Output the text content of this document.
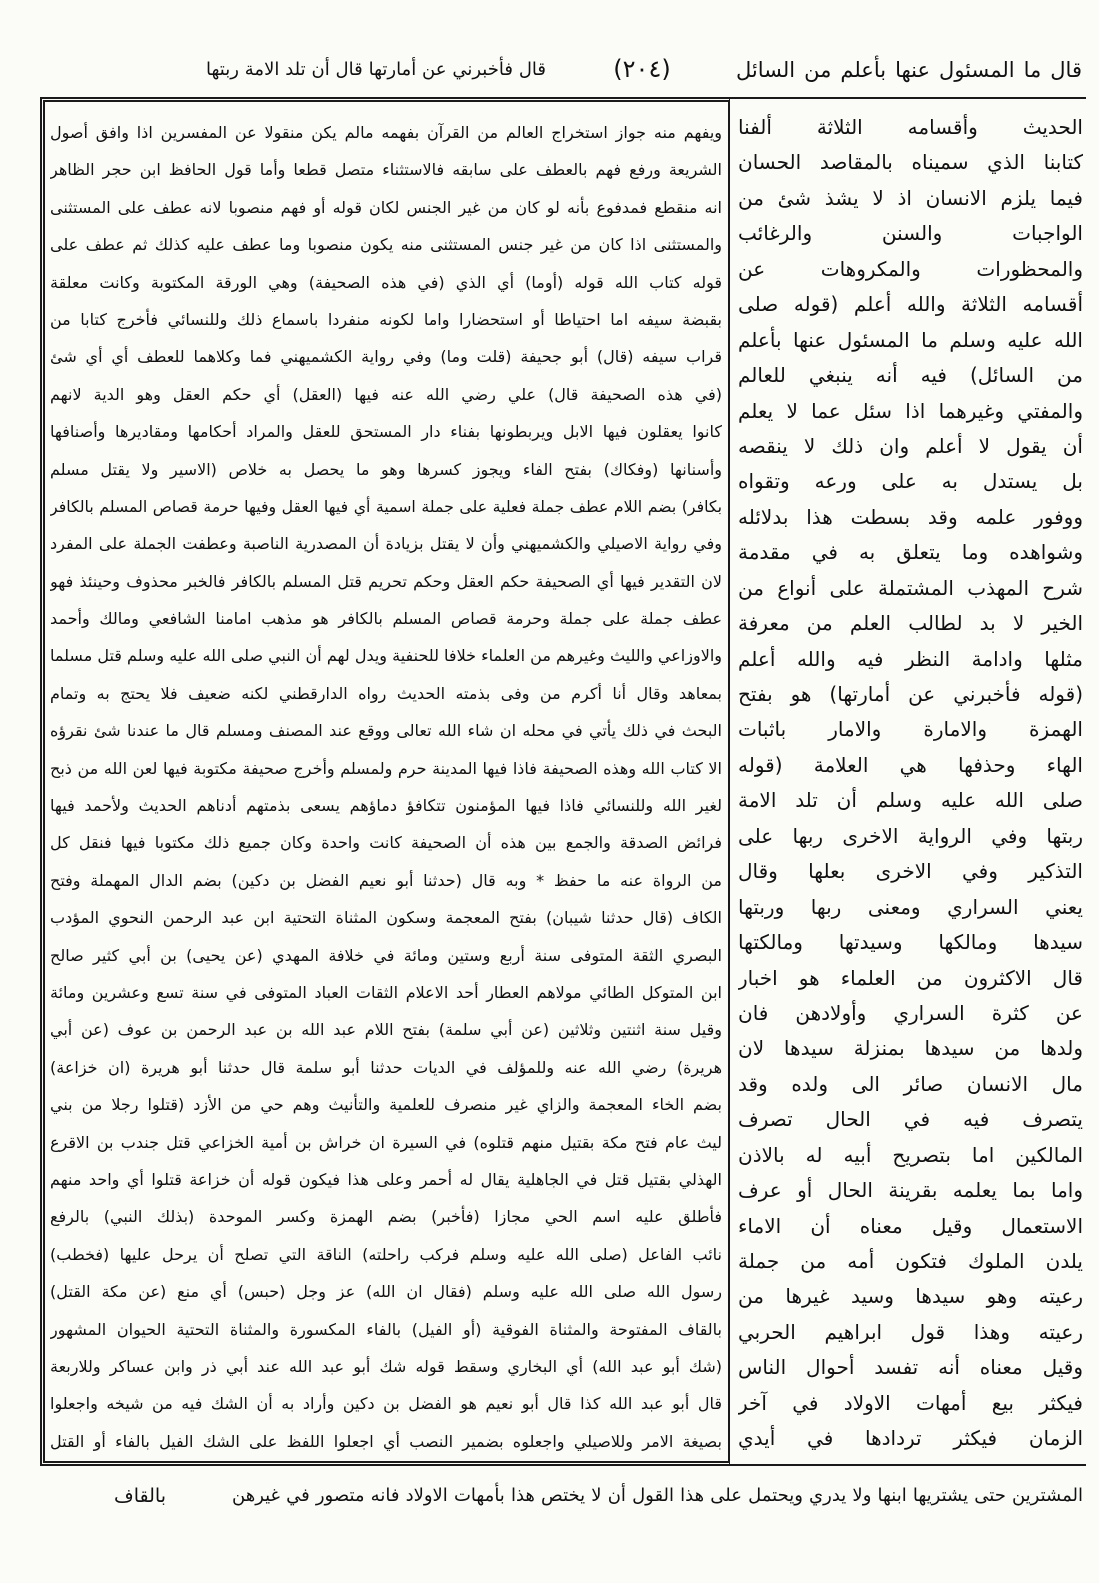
قال ما المسئول عنها بأعلم من السائل
(٢٠٤)
قال فأخبرني عن أمارتها قال أن تلد الامة ربتها
ويفهم منه جواز استخراج العالم من القرآن بفهمه مالم يكن منقولا عن المفسرين اذا وافق أصول
الشريعة ورفع فهم بالعطف على سابقه فالاستثناء متصل قطعا وأما قول الحافظ ابن حجر الظاهر
انه منقطع فمدفوع بأنه لو كان من غير الجنس لكان قوله أو فهم منصوبا لانه عطف على المستثنى
والمستثنى اذا كان من غير جنس المستثنى منه يكون منصوبا وما عطف عليه كذلك ثم عطف على
قوله كتاب الله قوله (أوما) أي الذي (في هذه الصحيفة) وهي الورقة المكتوبة وكانت معلقة
بقبضة سيفه اما احتياطا أو استحضارا واما لكونه منفردا باسماع ذلك وللنسائي فأخرج كتابا من
قراب سيفه (قال) أبو جحيفة (قلت وما) وفي رواية الكشميهني فما وكلاهما للعطف أي أي شئ
(في هذه الصحيفة قال) علي رضي الله عنه فيها (العقل) أي حكم العقل وهو الدية لانهم
كانوا يعقلون فيها الابل ويربطونها بفناء دار المستحق للعقل والمراد أحكامها ومقاديرها وأصنافها
وأسنانها (وفكاك) بفتح الفاء ويجوز كسرها وهو ما يحصل به خلاص (الاسير ولا يقتل مسلم
بكافر) بضم اللام عطف جملة فعلية على جملة اسمية أي فيها العقل وفيها حرمة قصاص المسلم بالكافر
وفي رواية الاصيلي والكشميهني وأن لا يقتل بزيادة أن المصدرية الناصبة وعطفت الجملة على المفرد
لان التقدير فيها أي الصحيفة حكم العقل وحكم تحريم قتل المسلم بالكافر فالخبر محذوف وحينئذ فهو
عطف جملة على جملة وحرمة قصاص المسلم بالكافر هو مذهب امامنا الشافعي ومالك وأحمد
والاوزاعي والليث وغيرهم من العلماء خلافا للحنفية ويدل لهم أن النبي صلى الله عليه وسلم قتل مسلما
بمعاهد وقال أنا أكرم من وفى بذمته الحديث رواه الدارقطني لكنه ضعيف فلا يحتج به وتمام
البحث في ذلك يأتي في محله ان شاء الله تعالى ووقع عند المصنف ومسلم قال ما عندنا شئ نقرؤه
الا كتاب الله وهذه الصحيفة فاذا فيها المدينة حرم ولمسلم وأخرج صحيفة مكتوبة فيها لعن الله من ذبح
لغير الله وللنسائي فاذا فيها المؤمنون تتكافؤ دماؤهم يسعى بذمتهم أدناهم الحديث ولأحمد فيها
فرائض الصدقة والجمع بين هذه أن الصحيفة كانت واحدة وكان جميع ذلك مكتوبا فيها فنقل كل
من الرواة عنه ما حفظ * وبه قال (حدثنا أبو نعيم الفضل بن دكين) بضم الدال المهملة وفتح
الكاف (قال حدثنا شيبان) بفتح المعجمة وسكون المثناة التحتية ابن عبد الرحمن النحوي المؤدب
البصري الثقة المتوفى سنة أربع وستين ومائة في خلافة المهدي (عن يحيى) بن أبي كثير صالح
ابن المتوكل الطائي مولاهم العطار أحد الاعلام الثقات العباد المتوفى في سنة تسع وعشرين ومائة
وقيل سنة اثنتين وثلاثين (عن أبي سلمة) بفتح اللام عبد الله بن عبد الرحمن بن عوف (عن أبي
هريرة) رضي الله عنه وللمؤلف في الديات حدثنا أبو سلمة قال حدثنا أبو هريرة (ان خزاعة)
بضم الخاء المعجمة والزاي غير منصرف للعلمية والتأنيث وهم حي من الأزد (قتلوا رجلا من بني
ليث عام فتح مكة بقتيل منهم قتلوه) في السيرة ان خراش بن أمية الخزاعي قتل جندب بن الاقرع
الهذلي بقتيل قتل في الجاهلية يقال له أحمر وعلى هذا فيكون قوله أن خزاعة قتلوا أي واحد منهم
فأطلق عليه اسم الحي مجازا (فأخبر) بضم الهمزة وكسر الموحدة (بذلك النبي) بالرفع
نائب الفاعل (صلى الله عليه وسلم فركب راحلته) الناقة التي تصلح أن يرحل عليها (فخطب)
رسول الله صلى الله عليه وسلم (فقال ان الله) عز وجل (حبس) أي منع (عن مكة القتل)
بالقاف المفتوحة والمثناة الفوقية (أو الفيل) بالفاء المكسورة والمثناة التحتية الحيوان المشهور
(شك أبو عبد الله) أي البخاري وسقط قوله شك أبو عبد الله عند أبي ذر وابن عساكر وللاربعة
قال أبو عبد الله كذا قال أبو نعيم هو الفضل بن دكين وأراد به أن الشك فيه من شيخه واجعلوا
بصيغة الامر وللاصيلي واجعلوه بضمير النصب أي اجعلوا اللفظ على الشك الفيل بالفاء أو القتل
الحديث وأقسامه الثلاثة ألفنا
كتابنا الذي سميناه بالمقاصد الحسان
فيما يلزم الانسان اذ لا يشذ شئ من
الواجبات والسنن والرغائب
والمحظورات والمكروهات عن
أقسامه الثلاثة والله أعلم (قوله صلى
الله عليه وسلم ما المسئول عنها بأعلم
من السائل) فيه أنه ينبغي للعالم
والمفتي وغيرهما اذا سئل عما لا يعلم
أن يقول لا أعلم وان ذلك لا ينقصه
بل يستدل به على ورعه وتقواه
ووفور علمه وقد بسطت هذا بدلائله
وشواهده وما يتعلق به في مقدمة
شرح المهذب المشتملة على أنواع من
الخير لا بد لطالب العلم من معرفة
مثلها وادامة النظر فيه والله أعلم
(قوله فأخبرني عن أمارتها) هو بفتح
الهمزة والامارة والامار باثبات
الهاء وحذفها هي العلامة (قوله
صلى الله عليه وسلم أن تلد الامة
ربتها وفي الرواية الاخرى ربها على
التذكير وفي الاخرى بعلها وقال
يعني السراري ومعنى ربها وربتها
سيدها ومالكها وسيدتها ومالكتها
قال الاكثرون من العلماء هو اخبار
عن كثرة السراري وأولادهن فان
ولدها من سيدها بمنزلة سيدها لان
مال الانسان صائر الى ولده وقد
يتصرف فيه في الحال تصرف
المالكين اما بتصريح أبيه له بالاذن
واما بما يعلمه بقرينة الحال أو عرف
الاستعمال وقيل معناه أن الاماء
يلدن الملوك فتكون أمه من جملة
رعيته وهو سيدها وسيد غيرها من
رعيته وهذا قول ابراهيم الحربي
وقيل معناه أنه تفسد أحوال الناس
فيكثر بيع أمهات الاولاد في آخر
الزمان فيكثر تردادها في أيدي
المشترين حتى يشتريها ابنها ولا يدري ويحتمل على هذا القول أن لا يختص هذا بأمهات الاولاد فانه متصور في غيرهن
بالقاف
